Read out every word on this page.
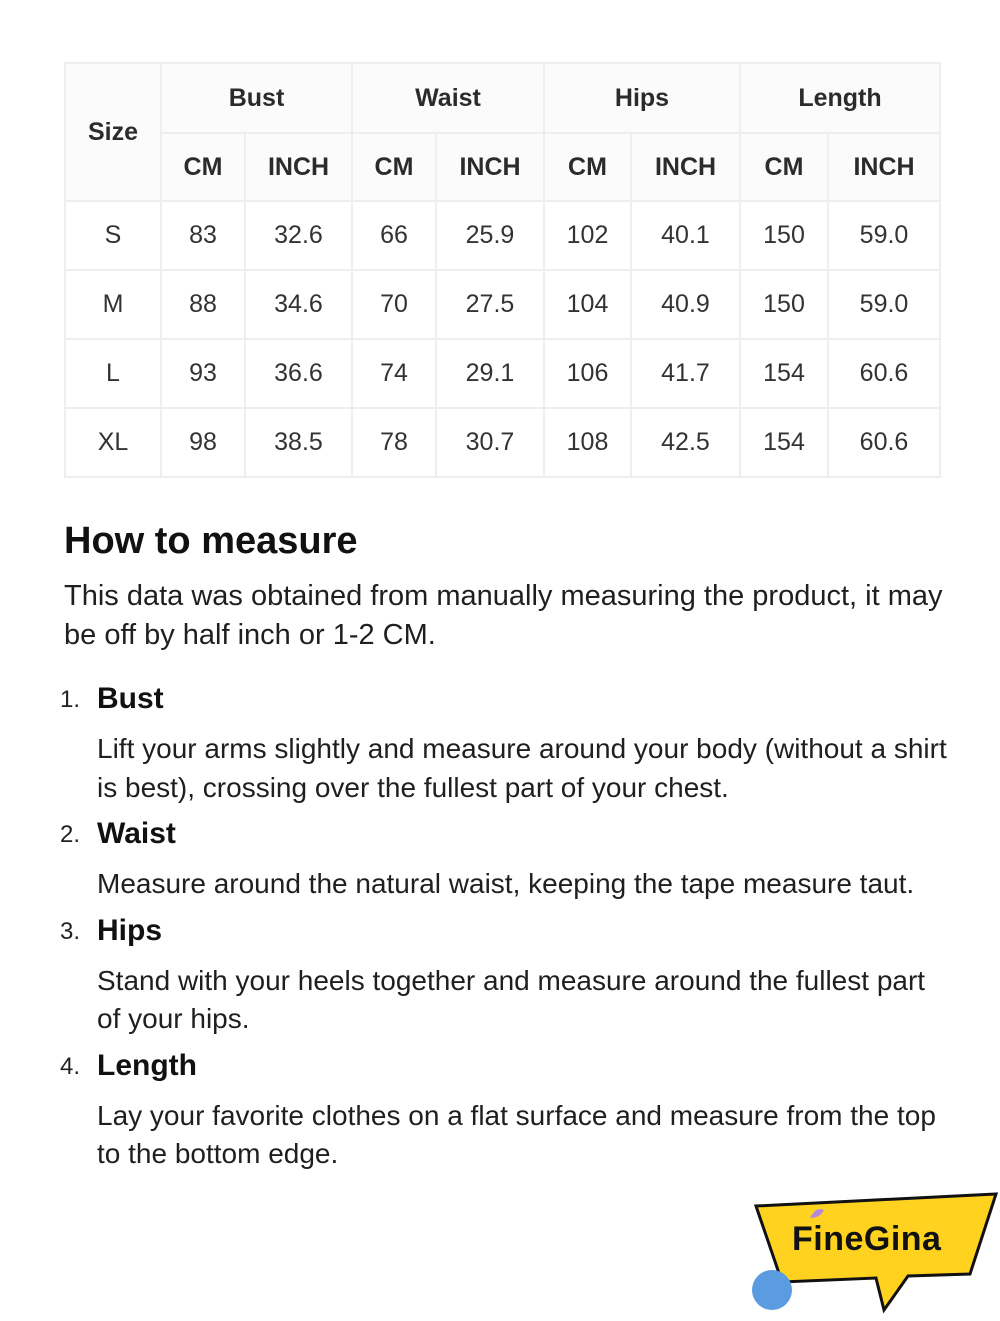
Size	Bust		Waist		Hips		Length	
	CM	INCH	CM	INCH	CM	INCH	CM	INCH
S	83	32.6	66	25.9	102	40.1	150	59.0
M	88	34.6	70	27.5	104	40.9	150	59.0
L	93	36.6	74	29.1	106	41.7	154	60.6
XL	98	38.5	78	30.7	108	42.5	154	60.6
How to measure

This data was obtained from manually measuring the product, it may be off by half inch or 1-2 CM.

1. Bust
Lift your arms slightly and measure around your body (without a shirt is best), crossing over the fullest part of your chest.
2. Waist
Measure around the natural waist, keeping the tape measure taut.
3. Hips
Stand with your heels together and measure around the fullest part of your hips.
4. Length
Lay your favorite clothes on a flat surface and measure from the top to the bottom edge.
FineGina
